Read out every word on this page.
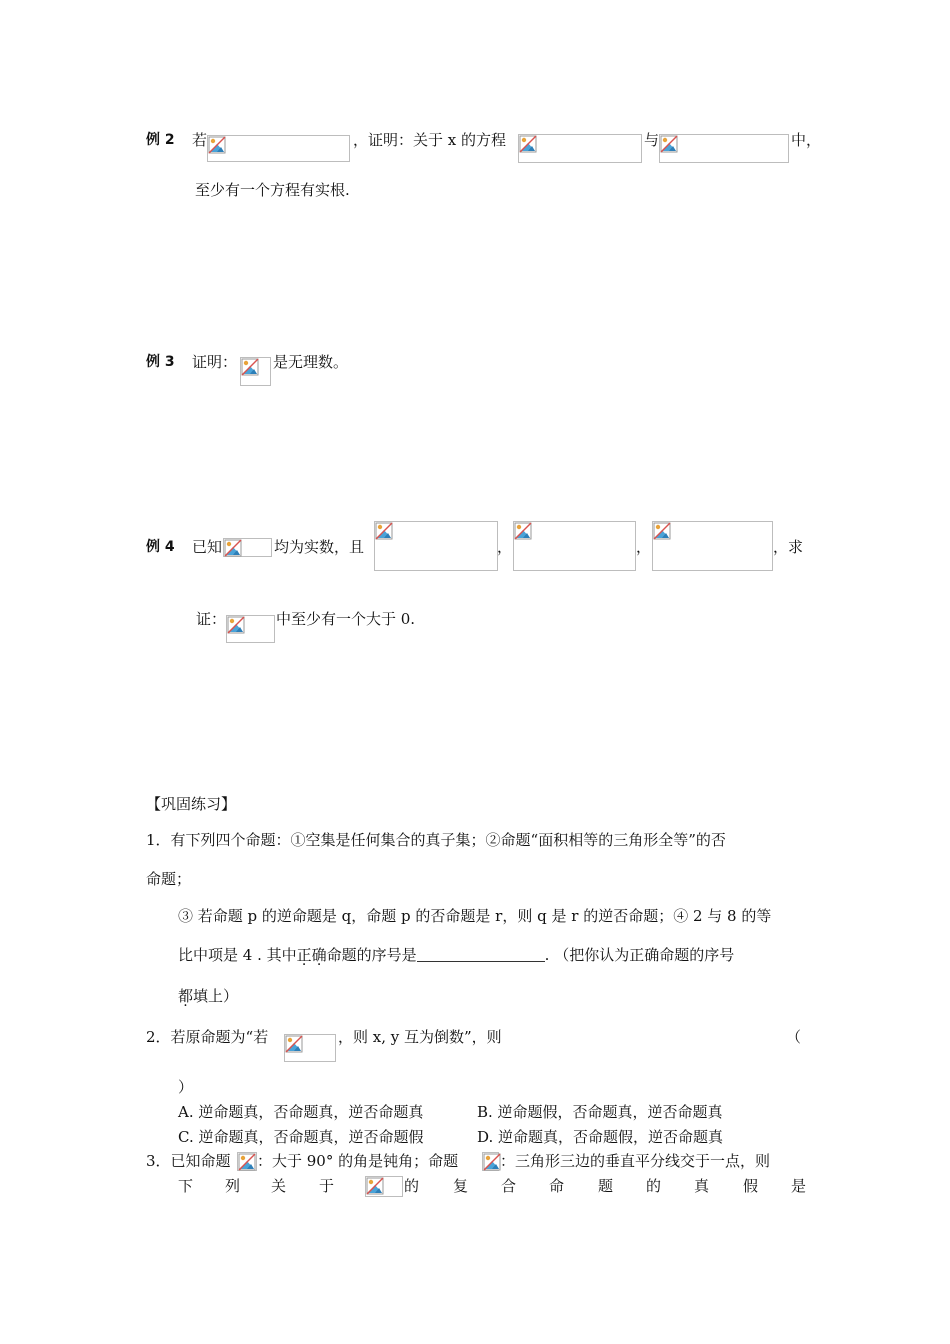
例 2 若	，证明：关于 x 的方程	与	中，
至少有一个方程有实根.
例 3 证明： 是无理数。
例 4 已知	均为实数，且	，	，	，求
证：	中至少有一个大于 0.
【巩固练习】
1．有下列四个命题：①空集是任何集合的真子集；②命题“面积相等的三角形全等”的否
命题；
③ 若命题 p 的逆命题是 q，命题 p 的否命题是 r，则 q 是 r 的逆否命题；④ 2 与 8 的等
比中项是 4 . 其中正确命题的序号是	. （把你认为正确命题的序号
都填上）
2．若原命题为“若	，则 x, y 互为倒数”，则	（
）
A. 逆命题真，否命题真，逆否命题真	B. 逆命题假，否命题真，逆否命题真
C. 逆命题真，否命题真，逆否命题假	D. 逆命题真，否命题假，逆否命题真
3．已知命题 ：大于 90° 的角是钝角；命题	：三角形三边的垂直平分线交于一点，则
下 列 关 于	的 复 合 命 题 的 真 假 是
